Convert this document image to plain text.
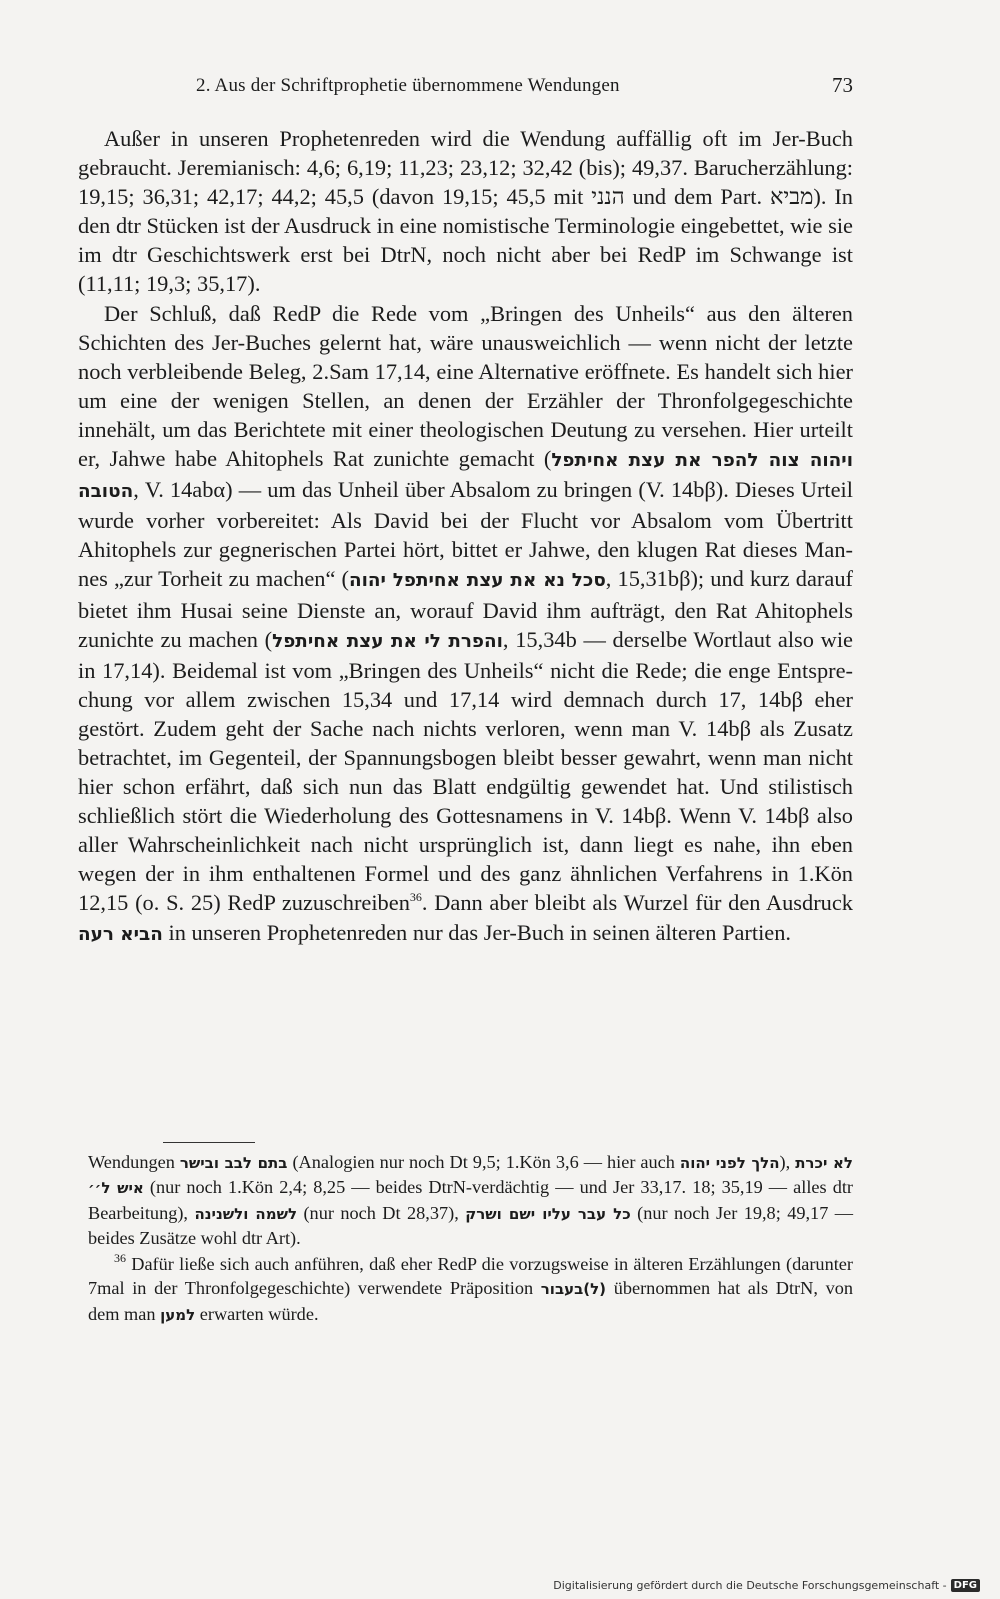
2. Aus der Schriftprophetie übernommene Wendungen	73

Außer in unseren Prophetenreden wird die Wendung auffällig oft im Jer-Buch gebraucht. Jeremianisch: 4,6; 6,19; 11,23; 23,12; 32,42 (bis); 49,37. Barucherzählung: 19,15; 36,31; 42,17; 44,2; 45,5 (davon 19,15; 45,5 mit הנני und dem Part. מביא). In den dtr Stücken ist der Ausdruck in eine nomistische Terminologie eingebettet, wie sie im dtr Geschichtswerk erst bei DtrN, noch nicht aber bei RedP im Schwange ist (11,11; 19,3; 35,17).

Der Schluß, daß RedP die Rede vom „Bringen des Unheils“ aus den älteren Schichten des Jer-Buches gelernt hat, wäre unausweichlich — wenn nicht der letzte noch verbleibende Beleg, 2.Sam 17,14, eine Alternative eröffnete. Es handelt sich hier um eine der wenigen Stellen, an denen der Erzähler der Thronfolgegeschichte innehält, um das Berichtete mit einer theologischen Deutung zu versehen. Hier urteilt er, Jahwe habe Ahitophels Rat zunichte gemacht (ויהוה צוה להפר את עצת אחיתפל הטובה, V. 14abα) — um das Unheil über Absalom zu bringen (V. 14bβ). Dieses Urteil wurde vorher vorbereitet: Als David bei der Flucht vor Absalom vom Übertritt Ahitophels zur gegnerischen Partei hört, bittet er Jahwe, den klugen Rat dieses Mannes „zur Torheit zu machen“ (סכל נא את עצת אחיתפל יהוה, 15,31bβ); und kurz darauf bietet ihm Husai seine Dienste an, worauf David ihm aufträgt, den Rat Ahitophels zunichte zu machen (והפרת לי את עצת אחיתפל, 15,34b — derselbe Wortlaut also wie in 17,14). Beidemal ist vom „Bringen des Unheils“ nicht die Rede; die enge Entsprechung vor allem zwischen 15,34 und 17,14 wird demnach durch 17, 14bβ eher gestört. Zudem geht der Sache nach nichts verloren, wenn man V. 14bβ als Zusatz betrachtet, im Gegenteil, der Spannungsbogen bleibt besser gewahrt, wenn man nicht hier schon erfährt, daß sich nun das Blatt endgültig gewendet hat. Und stilistisch schließlich stört die Wiederholung des Gottesnamens in V. 14bβ. Wenn V. 14bβ also aller Wahrscheinlichkeit nach nicht ursprünglich ist, dann liegt es nahe, ihn eben wegen der in ihm enthaltenen Formel und des ganz ähnlichen Verfahrens in 1.Kön 12,15 (o. S. 25) RedP zuzuschreiben$^{36}$. Dann aber bleibt als Wurzel für den Ausdruck הביא רעה in unseren Prophetenreden nur das Jer-Buch in seinen älteren Partien.

Wendungen בתם לבב ובישר (Analogien nur noch Dt 9,5; 1.Kön 3,6 — hier auch הלך לפני יהוה), לא יכרת איש ל׳׳ (nur noch 1.Kön 2,4; 8,25 — beides DtrN-verdächtig — und Jer 33,17. 18; 35,19 — alles dtr Bearbeitung), לשמה ולשנינה (nur noch Dt 28,37), כל עבר עליו ישם ושרק (nur noch Jer 19,8; 49,17 — beides Zusätze wohl dtr Art).

$^{36}$ Dafür ließe sich auch anführen, daß eher RedP die vorzugsweise in älteren Erzählungen (darunter 7mal in der Thronfolgegeschichte) verwendete Präposition (ל)בעבור übernommen hat als DtrN, von dem man למען erwarten würde.

Digitalisierung gefördert durch die Deutsche Forschungsgemeinschaft - DFG
